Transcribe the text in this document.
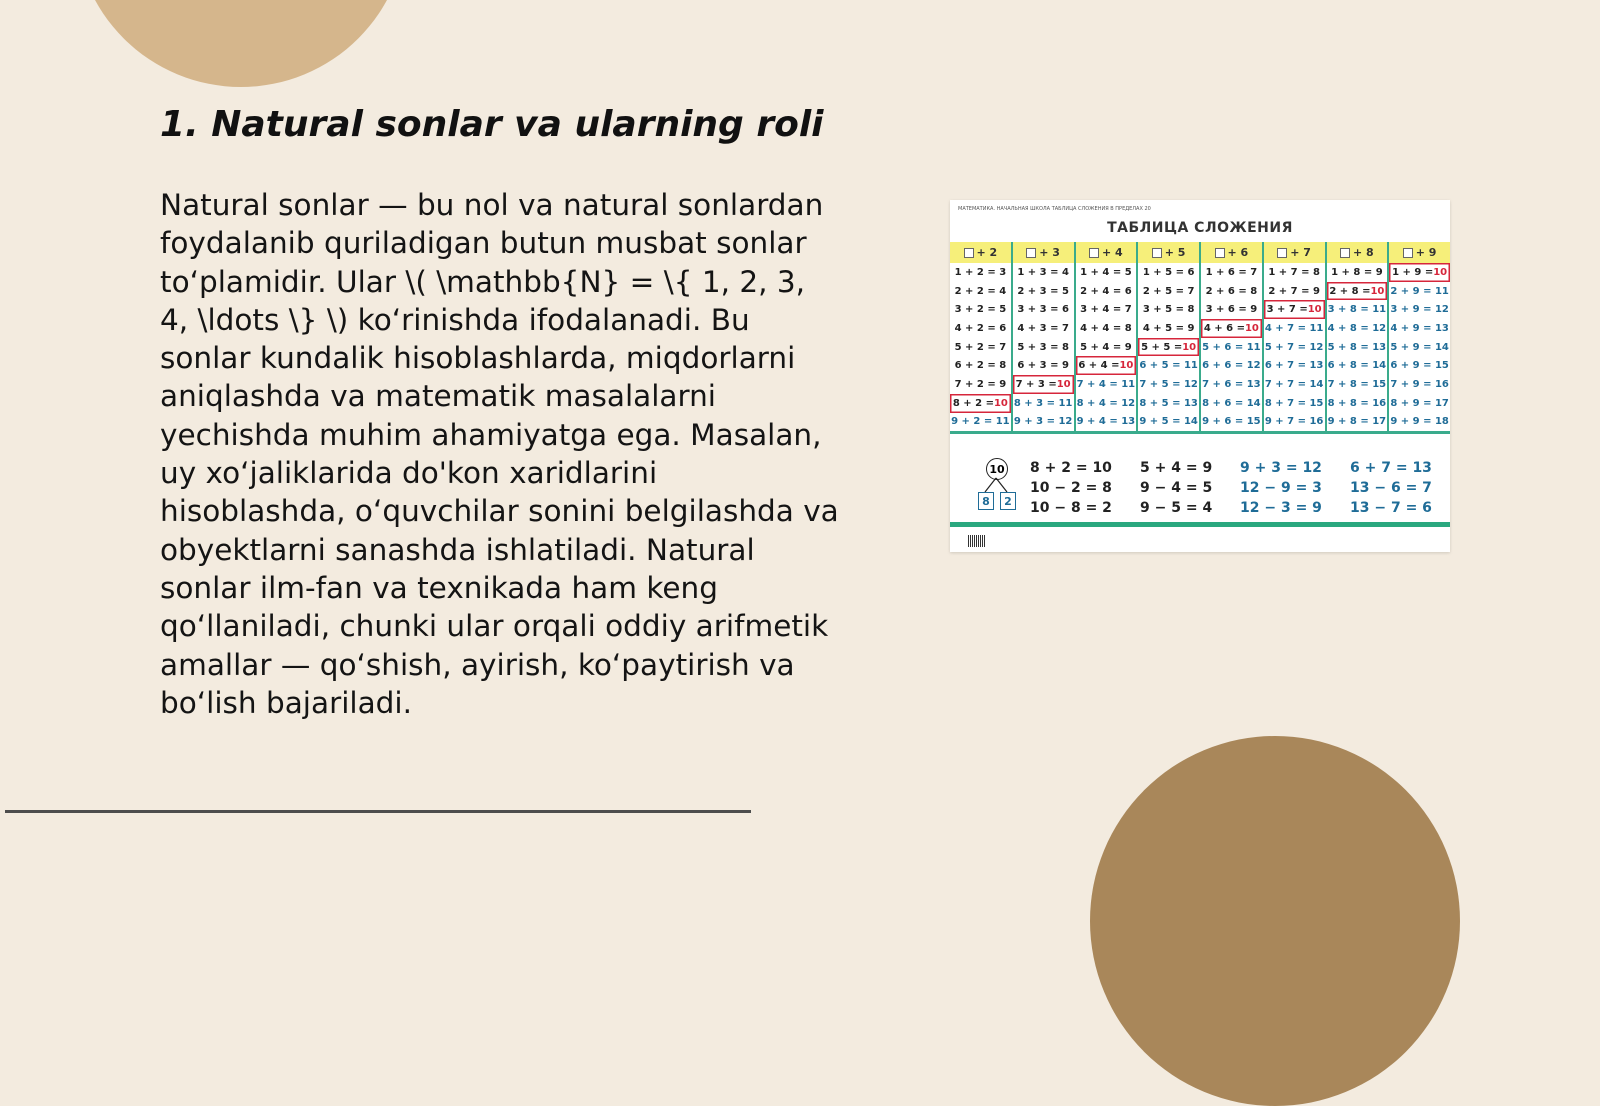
1. Natural sonlar va ularning roli

Natural sonlar — bu nol va natural sonlardan foydalanib quriladigan butun musbat sonlar to‘plamidir. Ular \( \mathbb{N} = \{ 1, 2, 3, 4, \ldots \} \) ko‘rinishda ifodalanadi. Bu sonlar kundalik hisoblashlarda, miqdorlarni aniqlashda va matematik masalalarni yechishda muhim ahamiyatga ega. Masalan, uy xo‘jaliklarida do'kon xaridlarini hisoblashda, o‘quvchilar sonini belgilashda va obyektlarni sanashda ishlatiladi. Natural sonlar ilm-fan va texnikada ham keng qo‘llaniladi, chunki ular orqali oddiy arifmetik amallar — qo‘shish, ayirish, ko‘paytirish va bo‘lish bajariladi.

МАТЕМАТИКА. НАЧАЛЬНАЯ ШКОЛА ТАБЛИЦА СЛОЖЕНИЯ В ПРЕДЕЛАХ 20
ТАБЛИЦА СЛОЖЕНИЯ
+ 2
1 + 2 = 3
2 + 2 = 4
3 + 2 = 5
4 + 2 = 6
5 + 2 = 7
6 + 2 = 8
7 + 2 = 9
8 + 2 = 10
9 + 2 = 11
+ 3
1 + 3 = 4
2 + 3 = 5
3 + 3 = 6
4 + 3 = 7
5 + 3 = 8
6 + 3 = 9
7 + 3 = 10
8 + 3 = 11
9 + 3 = 12
+ 4
1 + 4 = 5
2 + 4 = 6
3 + 4 = 7
4 + 4 = 8
5 + 4 = 9
6 + 4 = 10
7 + 4 = 11
8 + 4 = 12
9 + 4 = 13
+ 5
1 + 5 = 6
2 + 5 = 7
3 + 5 = 8
4 + 5 = 9
5 + 5 = 10
6 + 5 = 11
7 + 5 = 12
8 + 5 = 13
9 + 5 = 14
+ 6
1 + 6 = 7
2 + 6 = 8
3 + 6 = 9
4 + 6 = 10
5 + 6 = 11
6 + 6 = 12
7 + 6 = 13
8 + 6 = 14
9 + 6 = 15
+ 7
1 + 7 = 8
2 + 7 = 9
3 + 7 = 10
4 + 7 = 11
5 + 7 = 12
6 + 7 = 13
7 + 7 = 14
8 + 7 = 15
9 + 7 = 16
+ 8
1 + 8 = 9
2 + 8 = 10
3 + 8 = 11
4 + 8 = 12
5 + 8 = 13
6 + 8 = 14
7 + 8 = 15
8 + 8 = 16
9 + 8 = 17
+ 9
1 + 9 = 10
2 + 9 = 11
3 + 9 = 12
4 + 9 = 13
5 + 9 = 14
6 + 9 = 15
7 + 9 = 16
8 + 9 = 17
9 + 9 = 18
10
8	2
8 + 2 = 10
10 − 2 = 8
10 − 8 = 2
5 + 4 = 9
9 − 4 = 5
9 − 5 = 4
9 + 3 = 12
12 − 9 = 3
12 − 3 = 9
6 + 7 = 13
13 − 6 = 7
13 − 7 = 6
